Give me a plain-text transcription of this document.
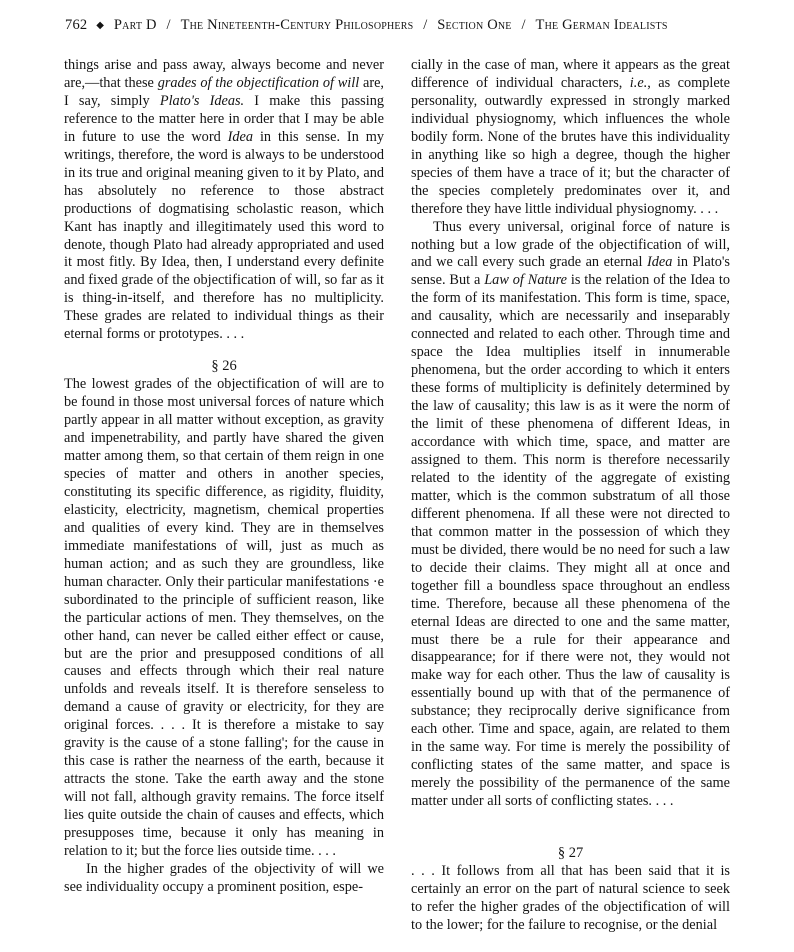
762 ◆ Part D / The Nineteenth-Century Philosophers / Section One / The German Idealists

things arise and pass away, always become and never are,—that these grades of the objectification of will are, I say, simply Plato's Ideas. I make this passing reference to the matter here in order that I may be able in future to use the word Idea in this sense. In my writings, therefore, the word is always to be understood in its true and original meaning given to it by Plato, and has absolutely no reference to those abstract productions of dogmatising scholastic reason, which Kant has inaptly and illegitimately used this word to denote, though Plato had already appropriated and used it most fitly. By Idea, then, I understand every definite and fixed grade of the objectification of will, so far as it is thing-in-itself, and therefore has no multiplicity. These grades are related to individual things as their eternal forms or prototypes. . . .

§ 26

The lowest grades of the objectification of will are to be found in those most universal forces of nature which partly appear in all matter without exception, as gravity and impenetrability, and partly have shared the given matter among them, so that certain of them reign in one species of matter and others in another species, constituting its specific difference, as rigidity, fluidity, elasticity, electricity, magnetism, chemical properties and qualities of every kind. They are in themselves immediate manifestations of will, just as much as human action; and as such they are groundless, like human character. Only their particular manifestations ·e subordinated to the principle of sufficient reason, like the particular actions of men. They themselves, on the other hand, can never be called either effect or cause, but are the prior and presupposed conditions of all causes and effects through which their real nature unfolds and reveals itself. It is therefore senseless to demand a cause of gravity or electricity, for they are original forces. . . . It is therefore a mistake to say gravity is the cause of a stone falling'; for the cause in this case is rather the nearness of the earth, because it attracts the stone. Take the earth away and the stone will not fall, although gravity remains. The force itself lies quite outside the chain of causes and effects, which presupposes time, because it only has meaning in relation to it; but the force lies outside time. . . .

In the higher grades of the objectivity of will we see individuality occupy a prominent position, espe-

cially in the case of man, where it appears as the great difference of individual characters, i.e., as complete personality, outwardly expressed in strongly marked individual physiognomy, which influences the whole bodily form. None of the brutes have this individuality in anything like so high a degree, though the higher species of them have a trace of it; but the character of the species completely predominates over it, and therefore they have little individual physiognomy. . . .

Thus every universal, original force of nature is nothing but a low grade of the objectification of will, and we call every such grade an eternal Idea in Plato's sense. But a Law of Nature is the relation of the Idea to the form of its manifestation. This form is time, space, and causality, which are necessarily and inseparably connected and related to each other. Through time and space the Idea multiplies itself in innumerable phenomena, but the order according to which it enters these forms of multiplicity is definitely determined by the law of causality; this law is as it were the norm of the limit of these phenomena of different Ideas, in accordance with which time, space, and matter are assigned to them. This norm is therefore necessarily related to the identity of the aggregate of existing matter, which is the common substratum of all those different phenomena. If all these were not directed to that common matter in the possession of which they must be divided, there would be no need for such a law to decide their claims. They might all at once and together fill a boundless space throughout an endless time. Therefore, because all these phenomena of the eternal Ideas are directed to one and the same matter, must there be a rule for their appearance and disappearance; for if there were not, they would not make way for each other. Thus the law of causality is essentially bound up with that of the permanence of substance; they reciprocally derive significance from each other. Time and space, again, are related to them in the same way. For time is merely the possibility of conflicting states of the same matter, and space is merely the possibility of the permanence of the same matter under all sorts of conflicting states. . . .

§ 27

. . . It follows from all that has been said that it is certainly an error on the part of natural science to seek to refer the higher grades of the objectification of will to the lower; for the failure to recognise, or the denial
